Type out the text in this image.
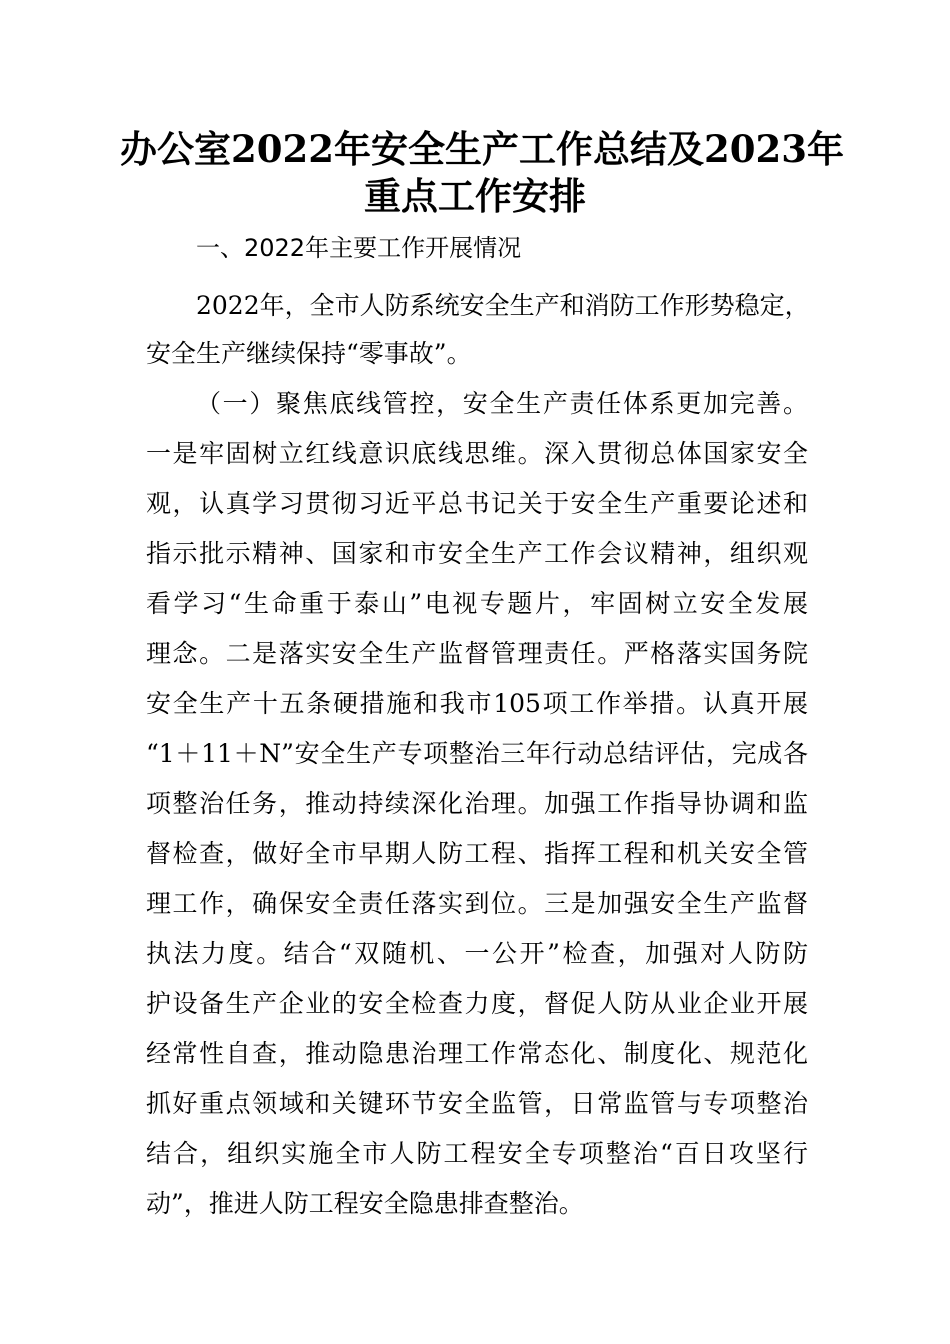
办公室2022年安全生产工作总结及2023年
重点工作安排
一、2022年主要工作开展情况
2022年，全市人防系统安全生产和消防工作形势稳定，
安全生产继续保持“零事故”。
（一）聚焦底线管控，安全生产责任体系更加完善。
一是牢固树立红线意识底线思维。深入贯彻总体国家安全
观，认真学习贯彻习近平总书记关于安全生产重要论述和
指示批示精神、国家和市安全生产工作会议精神，组织观
看学习“生命重于泰山”电视专题片，牢固树立安全发展
理念。二是落实安全生产监督管理责任。严格落实国务院
安全生产十五条硬措施和我市105项工作举措。认真开展
“1＋11＋N”安全生产专项整治三年行动总结评估，完成各
项整治任务，推动持续深化治理。加强工作指导协调和监
督检查，做好全市早期人防工程、指挥工程和机关安全管
理工作，确保安全责任落实到位。三是加强安全生产监督
执法力度。结合“双随机、一公开”检查，加强对人防防
护设备生产企业的安全检查力度，督促人防从业企业开展
经常性自查，推动隐患治理工作常态化、制度化、规范化
抓好重点领域和关键环节安全监管，日常监管与专项整治
结合，组织实施全市人防工程安全专项整治“百日攻坚行
动”，推进人防工程安全隐患排查整治。
